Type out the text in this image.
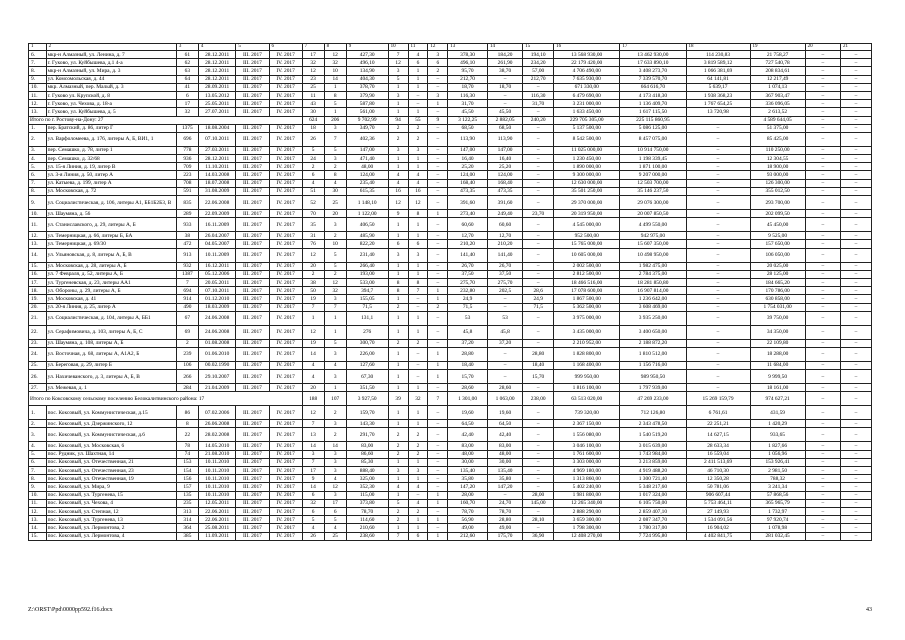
1	2	3	4	5	6	7	8	9	10	11	12	13	14	15	16	17	18	19	20	21
6.	мкр-н Алмазный, ул. Ленина, д. 7	61	28.12.2011	III. 2017	IV. 2017	17	12	427,30	7	4	3	378,30	184,20	194,10	13 568 930,00	13 462 930,00	114 230,83	21 758,27	–	–
7.	г. Гуково, ул. Куйбышева, д.1 4-а	62	28.12.2011	III. 2017	IV. 2017	32	32	496,10	12	6	6	496,10	261,90	234,20	22 179 420,00	17 633 890,10	3 819 589,12	727 540,78	–	–
8.	мкр-н Алмазный, ул. Мира, д. 3	63	28.12.2011	III. 2017	IV. 2017	12	10	134,90	3	1	2	95,70	38,70	57,00	4 706 490,00	3 408 273,70	1 066 381,69	208 834,61	–	–
9.	ул. Комсомольская, д. 44	64	28.12.2011	III. 2017	IV. 2017	23	14	404,30	5	1	–	212,70	–	212,70	7 635 930,00	7 339 570,70	64 141,81	12 217,49	–	–
10.	мкр. Алмазный, пер. Малый, д. 3	41	28.09.2011	III. 2017	IV. 2017	25	1	378,70	1	1	–	18,70	18,70	–	671 330,00	664 616,70	5 639,17	1 074,13	–	–
11.	г. Гуково ул. Крупской, д. 8	6	13.05.2012	III. 2017	IV. 2017	11	8	379,90	3	–	3	116,30	–	116,30	6 479 690,00	4 173 418,30	1 938 368,23	367 903,47	–	–
12.	г. Гуково, ул. Чехова, д. 18-а	17	25.05.2011	III. 2017	IV. 2017	43	5	587,80	1	–	1	31,70	–	31,70	3 231 000,00	1 136 409,70	1 767 654,25	336 096,05	–	–
13.	г. Гуково, ул. Куйбышева, д. 5	32	27.07.2011	III. 2017	IV. 2017	30	1	561,00	1	1	–	45,50	45,50	–	1 633 450,00	1 617 115,50	13 720,98	2 613,52	–	–
Итого по г. Ростову-на-Дону: 27						624	206	9 702,99	94	55	9	3 122,25	2 882,05	240,20	229 705 305,00	225 115 860,95		4 589 644,05	–	–
1.	пер. Братский, д. 86, литер Г	1375	18.08.2004	III. 2017	IV. 2017	18	3	349,70	2	2	–	68,50	68,50	–	5 137 500,00	5 086 125,00	–	51 375,00	–	–
2.	ул. Варфоломеева, д. 176, литеры А, Б, ВИ1, 1	696	07.10.2011	III. 2017	IV. 2017	26	7	402,36	2	2	–	113,90	113,90	–	8 542 500,00	8 457 075,00	–	85 425,00	–	–
3.	пер. Семашко, д. 78, литер 1	778	27.03.2011	III. 2017	IV. 2017	5	5	147,00	3	3	–	147,00	147,00	–	11 025 000,00	10 914 750,00	–	110 250,00	–	–
4.	пер. Семашко, д. 32/68	936	28.12.2011	III. 2017	IV. 2017	24	3	471,40	1	1	–	16,40	16,40	–	1 230 450,00	1 198 339,45	–	12 304,55	–	–
5.	ул. 15-я Линия, д. 19, литер В	709	11.10.2011	III. 2017	IV. 2017	2	2	48,00	1	1	–	25,20	25,20	–	1 890 000,00	1 871 100,00	–	18 900,00	–	–
6.	ул. 3-я Линия, д. 50, литер А	223	14.03.2008	III. 2017	IV. 2017	6	8	124,00	4	4	–	124,00	124,00	–	9 300 000,00	9 207 000,00	–	93 000,00	–	–
7.	ул. Катыева, д. 199, литер А	708	18.07.2008	III. 2017	IV. 2017	4	4	235,40	4	4	–	168,40	168,40	–	12 630 000,00	12 503 700,00	–	126 300,00	–	–
8.	ул. Московская, д. 72	591	31.08.2009	III. 2017	IV. 2017	51	30	615,35	16	16	–	473,35	473,35	–	35 501 250,00	35 146 237,50	–	355 012,50	–	–
9.	ул. Социалистическая, д. 106, литеры А1, ББ1Б2Б3, В	835	22.06.2008	III. 2017	IV. 2017	52	25	1 148,10	12	12	–	391,60	391,60	–	29 370 000,00	29 076 300,00	–	293 700,00	–	–
10.	ул. Шаумяна, д. 56	289	22.09.2009	III. 2017	IV. 2017	70	20	1 122,00	9	8	1	273,40	249,40	23,70	20 319 950,00	20 007 850,50	–	202 099,50	–	–
11.	ул. Станиславского, д. 29, литеры А, Б	933	16.11.2009	III. 2017	IV. 2017	35	3	406,50	1	1	–	60,60	60,60	–	4 545 000,00	4 499 550,00	–	45 450,00	–	–
12.	ул. Темерницкая, д. 66, литеры Б, БА	38	26.04.2007	III. 2017	IV. 2017	31	2	485,90	1	1	–	12,70	12,70	–	952 500,00	942 975,00	–	9 525,00	–	–
13.	ул. Темерницкая, д. 69/30	472	04.05.2007	III. 2017	IV. 2017	76	10	822,20	6	6	–	210,20	210,20	–	15 765 000,00	15 607 350,00	–	157 650,00	–	–
14.	ул. Ульяновская, д. 8, литеры А, Б, В	913	10.11.2009	III. 2017	IV. 2017	12	5	231,40	3	3	–	141,40	141,40	–	10 605 000,00	10 498 950,00	–	106 050,00	–	–
15.	ул. Московская, д. 28, литеры А, Б	932	16.12.2011	III. 2017	IV. 2017	20	5	266,40	1	1	–	26,70	26,70	–	2 002 500,00	1 982 475,00	–	20 025,00	–	–
16.	ул. 7 Февраля, д. 52, литеры А, Б	1387	05.12.2006	III. 2017	IV. 2017	2	2	193,00	1	1	–	37,50	37,50	–	2 812 500,00	2 784 375,00	–	28 125,00	–	–
17.	ул. Тургеневская, д. 23, литеры АА1	7	20.05.2011	III. 2017	IV. 2017	38	12	533,00	8	8	–	275,70	275,70	–	18 466 516,00	18 281 850,80	–	184 665,20	–	–
18.	ул. Обороны, д. 29, литеры А, Б	694	07.10.2011	III. 2017	IV. 2017	50	32	394,7	8	7	1	232,80	202,5	28,6	17 078 600,00	16 907 814,00	–	170 786,00	–	–
19.	ул. Московская, д. 41	914	01.12.2010	III. 2017	IV. 2017	19	3	155,05	1	–	1	24,9	–	24,9	1 867 500,00	1 236 642,00	–	630 858,00	–	–
20.	ул. 20-я Линия, д. 25, литер А	490	18.03.2009	III. 2017	IV. 2017	7	7	71,5	2	–	2	71,5	–	71,5	5 362 500,00	3 608 469,00	–	1 754 031,00	–	–
21.	ул. Социалистическая, д. 104, литеры А, ББ1	67	24.06.2008	III. 2017	IV. 2017	1	1	131,1	1	1	–	53	53	–	3 975 000,00	3 935 250,00	–	39 750,00	–	–
22.	ул. Серафимовича, д. 103, литеры А, Б, С	69	24.06.2008	III. 2017	IV. 2017	12	1	276	1	1	–	45,8	45,8	–	3 435 000,00	3 400 650,00	–	34 350,00	–	–
23.	ул. Шаумяна, д. 108, литеры А, Б	2	01.08.2008	III. 2017	IV. 2017	19	5	300,70	2	2	–	37,20	37,20	–	2 210 952,00	2 188 872,20	–	22 109,80	–	–
24.	ул. Восточная, д. 68, литеры А, А1А2, Б	239	01.06.2010	III. 2017	IV. 2017	14	3	226,00	1	–	1	28,80	–	28,80	1 828 800,00	1 810 512,00	–	18 288,00	–	–
25.	ул. Береговая, д. 29, литер Б	106	00.02.1990	III. 2017	IV. 2017	4	4	127,60	1	–	1	18,40	–	18,40	1 168 400,00	1 156 716,00	–	11 684,00	–	–
26.	ул. Нахичеванского, д. 3, литеры А, Б, В	266	29.10.2007	III. 2017	IV. 2017	4	3	67,30	1	–	1	15,70	–	15,70	999 950,00	989 950,50	–	9 999,50	–	–
27.	ул. Межевая, д. 1	284	21.04.2009	III. 2017	IV. 2017	20	1	351,50	1	1	–	28,60	28,60	–	1 816 100,00	1 797 939,00	–	18 161,00	–	–
Итого по Коксовскому сельскому поселению Белокалитвинского района: 17						188	107	3 927,50	39	32	7	1 301,00	1 063,00	238,00	63 513 020,00	47 269 233,00	15 269 159,79	974 627,21	–	–
1.	пос. Коксовый, ул. Коммунистическая, д.15	86	07.02.2006	III. 2017	IV. 2017	12	2	159,70	1	1	–	19,60	19,60	–	739 320,00	712 126,80	6 761,61	431,59	–	–
2.	пос. Коксовый, ул. Дзержинского, 12	8	26.06.2008	III. 2017	IV. 2017	7	3	143,30	1	1	–	64,50	64,50	–	2 367 150,00	2 343 478,50	22 251,21	1 420,29	–	–
3.	пос. Коксовый, ул. Коммунистическая, д.6	22	28.02.2008	III. 2017	IV. 2017	13	2	291,70	2	2	–	42,40	42,40	–	1 556 080,00	1 540 519,20	14 627,15	933,65	–	–
4.	пос. Коксовый, ул. Московская, 6	78	14.05.2010	III. 2017	IV. 2017	14	14	83,00	2	2	–	83,00	83,00	–	3 046 100,00	3 015 639,00	28 633,34	1 827,66	–	–
5.	пос. Рудник, ул. Шахтная, 14	74	21.08.2010	III. 2017	IV. 2017	3	3	86,60	2	2	–	48,00	48,00	–	1 761 600,00	1 743 984,00	16 559,04	1 056,96	–	–
6.	пос. Коксовый, ул. Отечественная, 21	153	10.11.2010	III. 2017	IV. 2017	7	3	85,30	1	1	–	30,00	30,00	–	3 303 000,00	3 213 859,00	2 411 513,69	153 926,41	–	–
7.	пос. Коксовый, ул. Отечественная, 23	154	10.11.2010	III. 2017	IV. 2017	17	3	888,40	3	3	–	135,40	135,40	–	4 969 180,00	4 919 488,20	46 710,30	2 981,50	–	–
8.	пос. Коксовый, ул. Отечественная, 19	156	10.11.2010	III. 2017	IV. 2017	9	4	325,00	1	1	–	35,80	35,80	–	1 313 860,00	1 300 721,40	12 350,28	788,32	–	–
9.	пос. Коксовый, ул. Мира, 9	157	10.11.2010	III. 2017	IV. 2017	14	12	352,30	4	4	–	147,20	147,20	–	5 402 240,00	5 348 217,60	50 781,06	3 241,34	–	–
10.	пос. Коксовый, ул. Тургенева, 15	135	10.11.2010	III. 2017	IV. 2017	6	3	115,00	1	–	1	28,00	–	28,00	1 981 800,00	1 017 324,00	906 607,44	57 868,56	–	–
11.	пос. Коксовый, ул. Чехова, 4	235	12.05.2011	III. 2017	IV. 2017	32	17	373,80	5	4	1	160,70	24,70	145,00	12 265 340,00	6 105 750,00	5 753 464,11	365 965,79	–	–
12.	пос. Коксовый, ул. Степная, 12	313	22.06.2011	III. 2017	IV. 2017	6	6	78,70	2	2	–	78,70	78,70	–	2 888 290,00	2 859 407,10	27 149,93	1 732,97	–	–
13.	пос. Коксовый, ул. Тургенева, 13	314	22.06.2011	III. 2017	IV. 2017	5	5	114,60	2	1	1	56,90	28,80	28,10	3 659 300,00	2 087 347,70	1 534 091,56	97 920,74	–	–
14.	пос. Коксовый, ул. Лермонтова, 2	364	25.08.2011	III. 2017	IV. 2017	4	4	210,60	1	1	–	49,00	49,00	–	1 798 300,00	1 780 317,00	16 904,02	1 078,98	–	–
15.	пос. Коксовый, ул. Лермонтова, 4	385	11.09.2011	III. 2017	IV. 2017	26	25	238,60	7	6	1	212,60	175,70	36,90	12 408 270,00	7 724 995,80	4 402 841,75	281 032,45	–	–
Z:\ORST\Ppd\0000pp592.f16.docx	43
